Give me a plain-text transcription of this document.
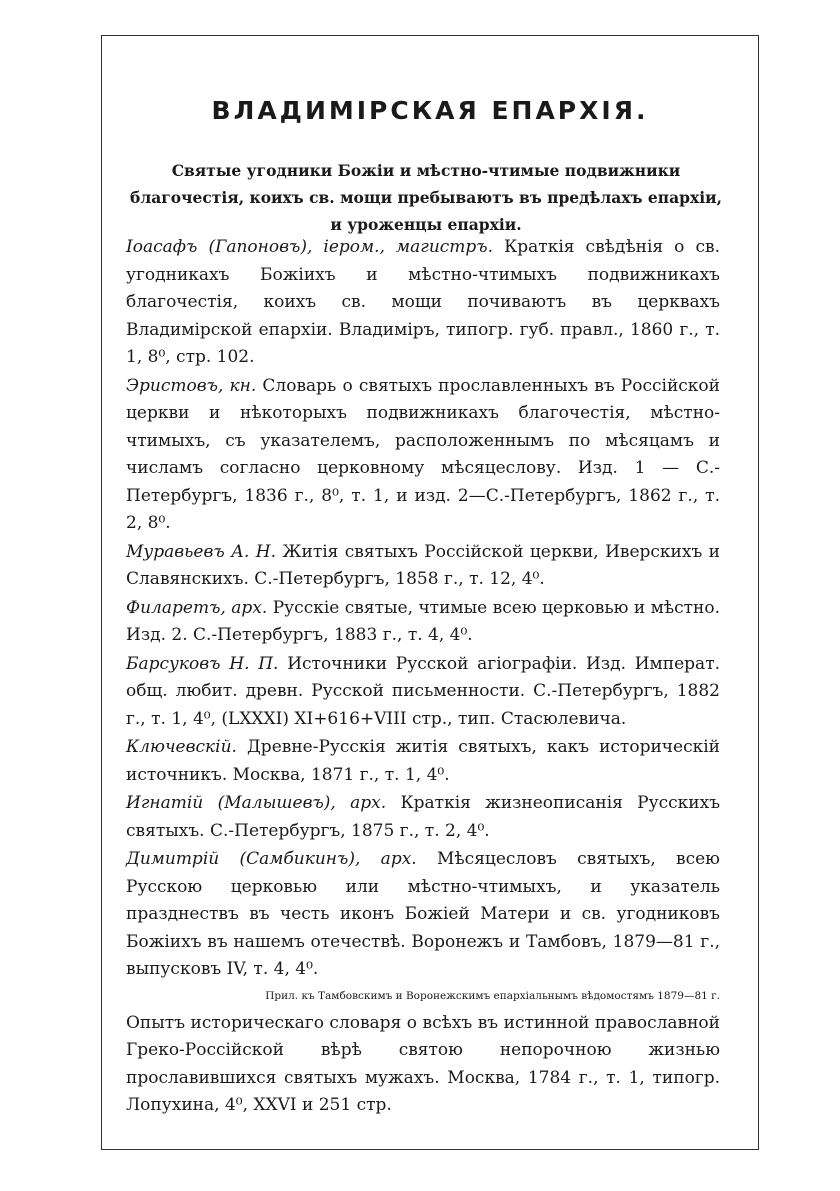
ВЛАДИМІРСКАЯ ЕПАРХІЯ.
Святые угодники Божіи и мѣстно-чтимые подвижники благочестія, коихъ св. мощи пребываютъ въ предѣлахъ епархіи, и уроженцы епархіи.
Іоасафъ (Гапоновъ), іером., магистръ. Краткія свѣдѣнія о св. угодникахъ Божіихъ и мѣстно-чтимыхъ подвижникахъ благочестія, коихъ св. мощи почиваютъ въ церквахъ Владимірской епархіи. Владиміръ, типогр. губ. правл., 1860 г., т. 1, 8⁰, стр. 102.
Эристовъ, кн. Словарь о святыхъ прославленныхъ въ Россійской церкви и нѣкоторыхъ подвижникахъ благочестія, мѣстно-чтимыхъ, съ указателемъ, расположеннымъ по мѣсяцамъ и числамъ согласно церковному мѣсяцеслову. Изд. 1 — С.-Петербургъ, 1836 г., 8⁰, т. 1, и изд. 2—С.-Петербургъ, 1862 г., т. 2, 8⁰.
Муравьевъ А. Н. Житія святыхъ Россійской церкви, Иверскихъ и Славянскихъ. С.-Петербургъ, 1858 г., т. 12, 4⁰.
Филаретъ, арх. Русскіе святые, чтимые всею церковью и мѣстно. Изд. 2. С.-Петербургъ, 1883 г., т. 4, 4⁰.
Барсуковъ Н. П. Источники Русской агіографіи. Изд. Императ. общ. любит. древн. Русской письменности. С.-Петербургъ, 1882 г., т. 1, 4⁰, (LXXXI) XI+616+VIII стр., тип. Стасюлевича.
Ключевскій. Древне-Русскія житія святыхъ, какъ историческій источникъ. Москва, 1871 г., т. 1, 4⁰.
Игнатій (Малышевъ), арх. Краткія жизнеописанія Русскихъ святыхъ. С.-Петербургъ, 1875 г., т. 2, 4⁰.
Димитрій (Самбикинъ), арх. Мѣсяцесловъ святыхъ, всею Русскою церковью или мѣстно-чтимыхъ, и указатель празднествъ въ честь иконъ Божіей Матери и св. угодниковъ Божіихъ въ нашемъ отечествѣ. Воронежъ и Тамбовъ, 1879—81 г., выпусковъ IV, т. 4, 4⁰.
Прил. къ Тамбовскимъ и Воронежскимъ епархіальнымъ вѣдомостямъ 1879—81 г.
Опытъ историческаго словаря о всѣхъ въ истинной православной Греко-Россійской вѣрѣ святою непорочною жизнью прославившихся святыхъ мужахъ. Москва, 1784 г., т. 1, типогр. Лопухина, 4⁰, XXVI и 251 стр.
